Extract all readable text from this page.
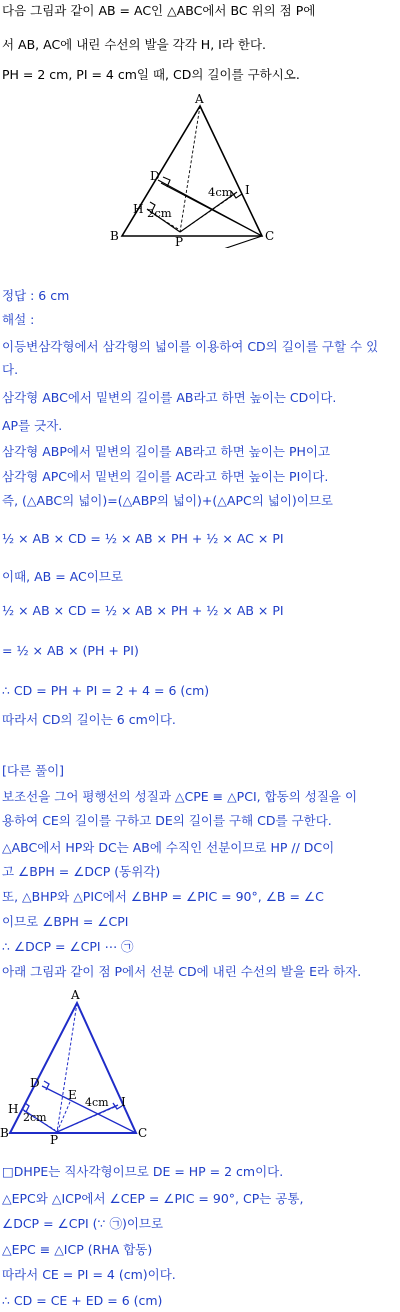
다음 그림과 같이 AB = AC인 △ABC에서 BC 위의 점 P에
서 AB, AC에 내린 수선의 발을 각각 H, I라 한다.
PH = 2 cm, PI = 4 cm일 때, CD의 길이를 구하시오.
A
B	C
D
H
I
P
2cm
4cm
정답 : 6 cm
해설 :
이등변삼각형에서 삼각형의 넓이를 이용하여 CD의 길이를 구할 수 있
다.
삼각형 ABC에서 밑변의 길이를 AB라고 하면 높이는 CD이다.
AP를 긋자.
삼각형 ABP에서 밑변의 길이를 AB라고 하면 높이는 PH이고
삼각형 APC에서 밑변의 길이를 AC라고 하면 높이는 PI이다.
즉, (△ABC의 넓이)=(△ABP의 넓이)+(△APC의 넓이)이므로
½ × AB × CD = ½ × AB × PH + ½ × AC × PI
이때, AB = AC이므로
½ × AB × CD = ½ × AB × PH + ½ × AB × PI
= ½ × AB × (PH + PI)
∴ CD = PH + PI = 2 + 4 = 6 (cm)
따라서 CD의 길이는 6 cm이다.
[다른 풀이]
보조선을 그어 평행선의 성질과 △CPE ≡ △PCI, 합동의 성질을 이
용하여 CE의 길이를 구하고 DE의 길이를 구해 CD를 구한다.
△ABC에서 HP와 DC는 AB에 수직인 선분이므로 HP // DC이
고 ∠BPH = ∠DCP (동위각)
또, △BHP와 △PIC에서 ∠BHP = ∠PIC = 90°, ∠B = ∠C
이므로 ∠BPH = ∠CPI
∴ ∠DCP = ∠CPI ⋯ ㉠
아래 그림과 같이 점 P에서 선분 CD에 내린 수선의 발을 E라 하자.
A
B	C
D
E
H	I
P
2cm
4cm
□DHPE는 직사각형이므로 DE = HP = 2 cm이다.
△EPC와 △ICP에서 ∠CEP = ∠PIC = 90°, CP는 공통,
∠DCP = ∠CPI (∵ ㉠)이므로
△EPC ≡ △ICP (RHA 합동)
따라서 CE = PI = 4 (cm)이다.
∴ CD = CE + ED = 6 (cm)
